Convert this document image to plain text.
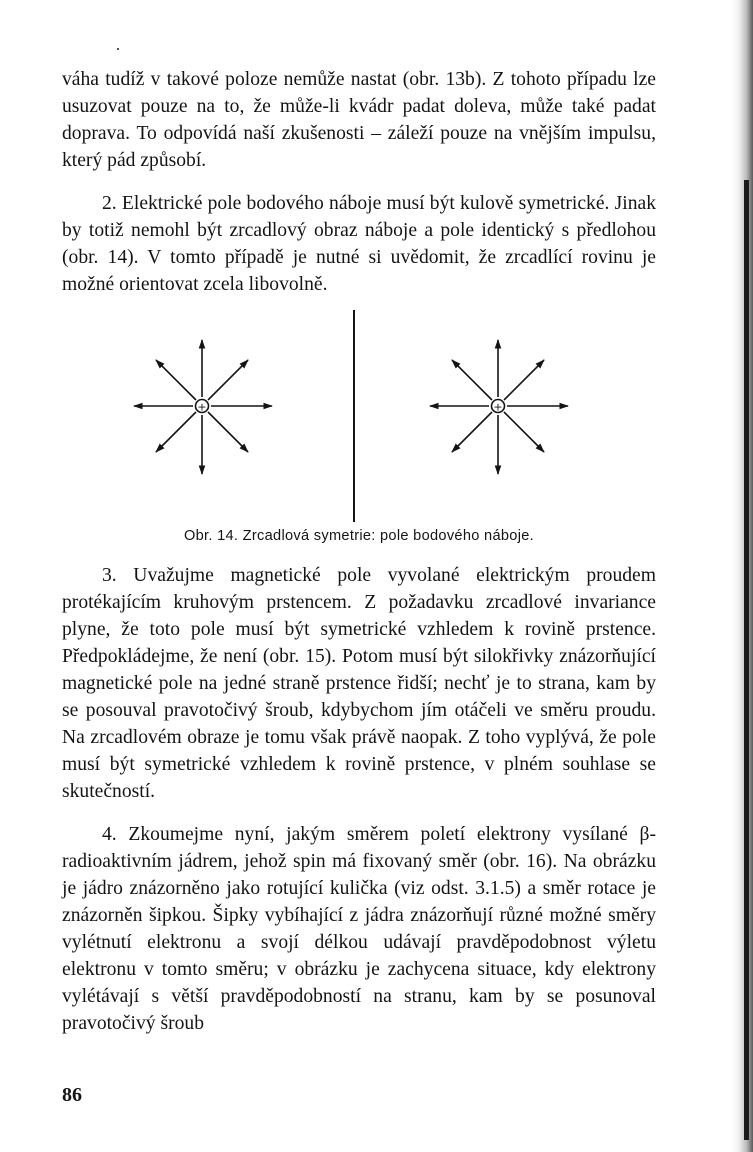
váha tudíž v takové poloze nemůže nastat (obr. 13b). Z tohoto případu lze usuzovat pouze na to, že může-li kvádr padat doleva, může také padat doprava. To odpovídá naší zkušenosti – záleží pouze na vnějším impulsu, který pád způsobí.

2. Elektrické pole bodového náboje musí být kulově symetrické. Jinak by totiž nemohl být zrcadlový obraz náboje a pole identický s předlohou (obr. 14). V tomto případě je nutné si uvědomit, že zrcadlící rovinu je možné orientovat zcela libovolně.

+	+
Obr. 14. Zrcadlová symetrie: pole bodového náboje.

3. Uvažujme magnetické pole vyvolané elektrickým proudem protékajícím kruhovým prstencem. Z požadavku zrcadlové invariance plyne, že toto pole musí být symetrické vzhledem k rovině prstence. Předpokládejme, že není (obr. 15). Potom musí být silokřivky znázorňující magnetické pole na jedné straně prstence řidší; nechť je to strana, kam by se posouval pravotočivý šroub, kdybychom jím otáčeli ve směru proudu. Na zrcadlovém obraze je tomu však právě naopak. Z toho vyplývá, že pole musí být symetrické vzhledem k rovině prstence, v plném souhlase se skutečností.

4. Zkoumejme nyní, jakým směrem poletí elektrony vysílané β-radioaktivním jádrem, jehož spin má fixovaný směr (obr. 16). Na obrázku je jádro znázorněno jako rotující kulička (viz odst. 3.1.5) a směr rotace je znázorněn šipkou. Šipky vybíhající z jádra znázorňují různé možné směry vylétnutí elektronu a svojí délkou udávají pravděpodobnost výletu elektronu v tomto směru; v obrázku je zachycena situace, kdy elektrony vylétávají s větší pravděpodobností na stranu, kam by se posunoval pravotočivý šroub

86
